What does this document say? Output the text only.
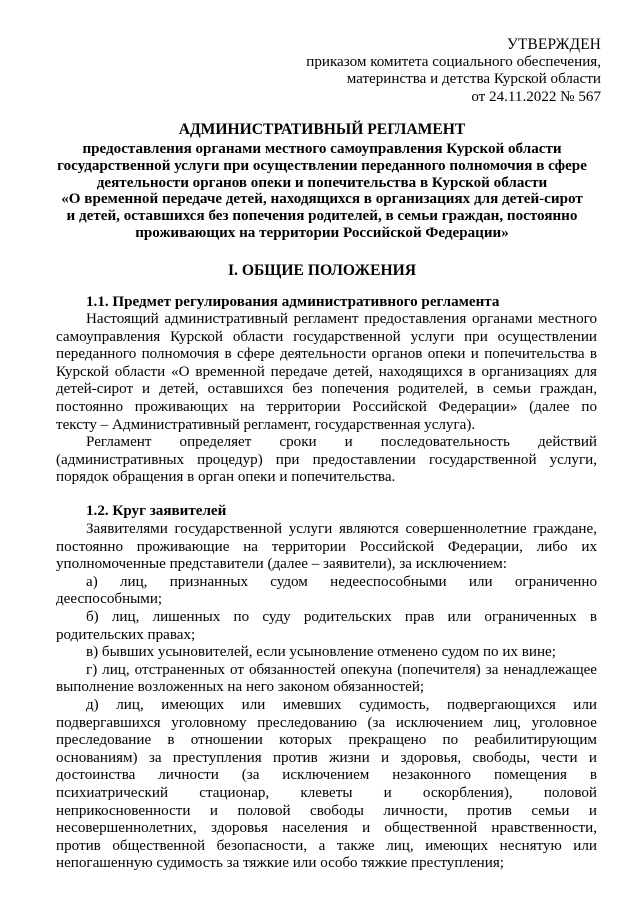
УТВЕРЖДЕН
приказом комитета социального обеспечения,
материнства и детства Курской области
от 24.11.2022 № 567
АДМИНИСТРАТИВНЫЙ РЕГЛАМЕНТ
предоставления органами местного самоуправления Курской области
государственной услуги при осуществлении переданного полномочия в сфере
деятельности органов опеки и попечительства в Курской области
«О временной передаче детей, находящихся в организациях для детей-сирот
и детей, оставшихся без попечения родителей, в семьи граждан, постоянно
проживающих на территории Российской Федерации»
I. ОБЩИЕ ПОЛОЖЕНИЯ
1.1. Предмет регулирования административного регламента
Настоящий административный регламент предоставления органами местного
самоуправления Курской области государственной услуги при осуществлении
переданного полномочия в сфере деятельности органов опеки и попечительства в
Курской области «О временной передаче детей, находящихся в организациях для
детей-сирот и детей, оставшихся без попечения родителей, в семьи граждан,
постоянно проживающих на территории Российской Федерации» (далее по
тексту – Административный регламент, государственная услуга).
Регламент определяет сроки и последовательность действий
(административных процедур) при предоставлении государственной услуги,
порядок обращения в орган опеки и попечительства.
1.2. Круг заявителей
Заявителями государственной услуги являются совершеннолетние граждане,
постоянно проживающие на территории Российской Федерации, либо их
уполномоченные представители (далее – заявители), за исключением:
а) лиц, признанных судом недееспособными или ограниченно
дееспособными;
б) лиц, лишенных по суду родительских прав или ограниченных в
родительских правах;
в) бывших усыновителей, если усыновление отменено судом по их вине;
г) лиц, отстраненных от обязанностей опекуна (попечителя) за ненадлежащее
выполнение возложенных на него законом обязанностей;
д) лиц, имеющих или имевших судимость, подвергающихся или
подвергавшихся уголовному преследованию (за исключением лиц, уголовное
преследование в отношении которых прекращено по реабилитирующим
основаниям) за преступления против жизни и здоровья, свободы, чести и
достоинства личности (за исключением незаконного помещения в
психиатрический стационар, клеветы и оскорбления), половой
неприкосновенности и половой свободы личности, против семьи и
несовершеннолетних, здоровья населения и общественной нравственности,
против общественной безопасности, а также лиц, имеющих неснятую или
непогашенную судимость за тяжкие или особо тяжкие преступления;
